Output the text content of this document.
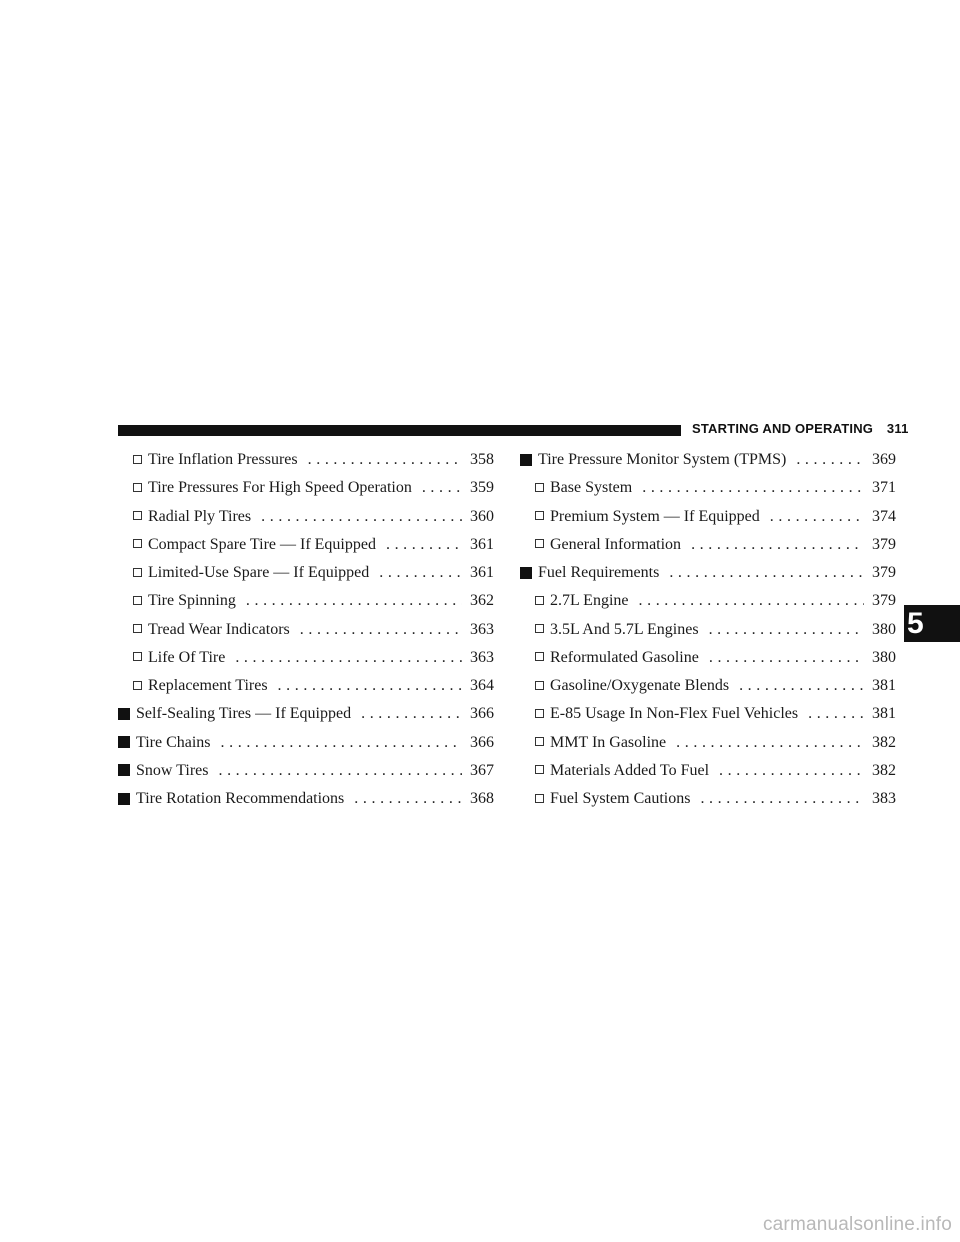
STARTING AND OPERATING 311
Tire Inflation Pressures . . .	358
Tire Pressures For High Speed Operation . . .	359
Radial Ply Tires . . .	360
Compact Spare Tire — If Equipped . . .	361
Limited-Use Spare — If Equipped . . .	361
Tire Spinning . . .	362
Tread Wear Indicators . . .	363
Life Of Tire . . .	363
Replacement Tires . . .	364
Self-Sealing Tires — If Equipped . . .	366
Tire Chains . . .	366
Snow Tires . . .	367
Tire Rotation Recommendations . . .	368
Tire Pressure Monitor System (TPMS) . . .	369
Base System . . .	371
Premium System — If Equipped . . .	374
General Information . . .	379
Fuel Requirements . . .	379
2.7L Engine . . .	379
3.5L And 5.7L Engines . . .	380
Reformulated Gasoline . . .	380
Gasoline/Oxygenate Blends . . .	381
E-85 Usage In Non-Flex Fuel Vehicles . . .	381
MMT In Gasoline . . .	382
Materials Added To Fuel . . .	382
Fuel System Cautions . . .	383
5
carmanualsonline.info
